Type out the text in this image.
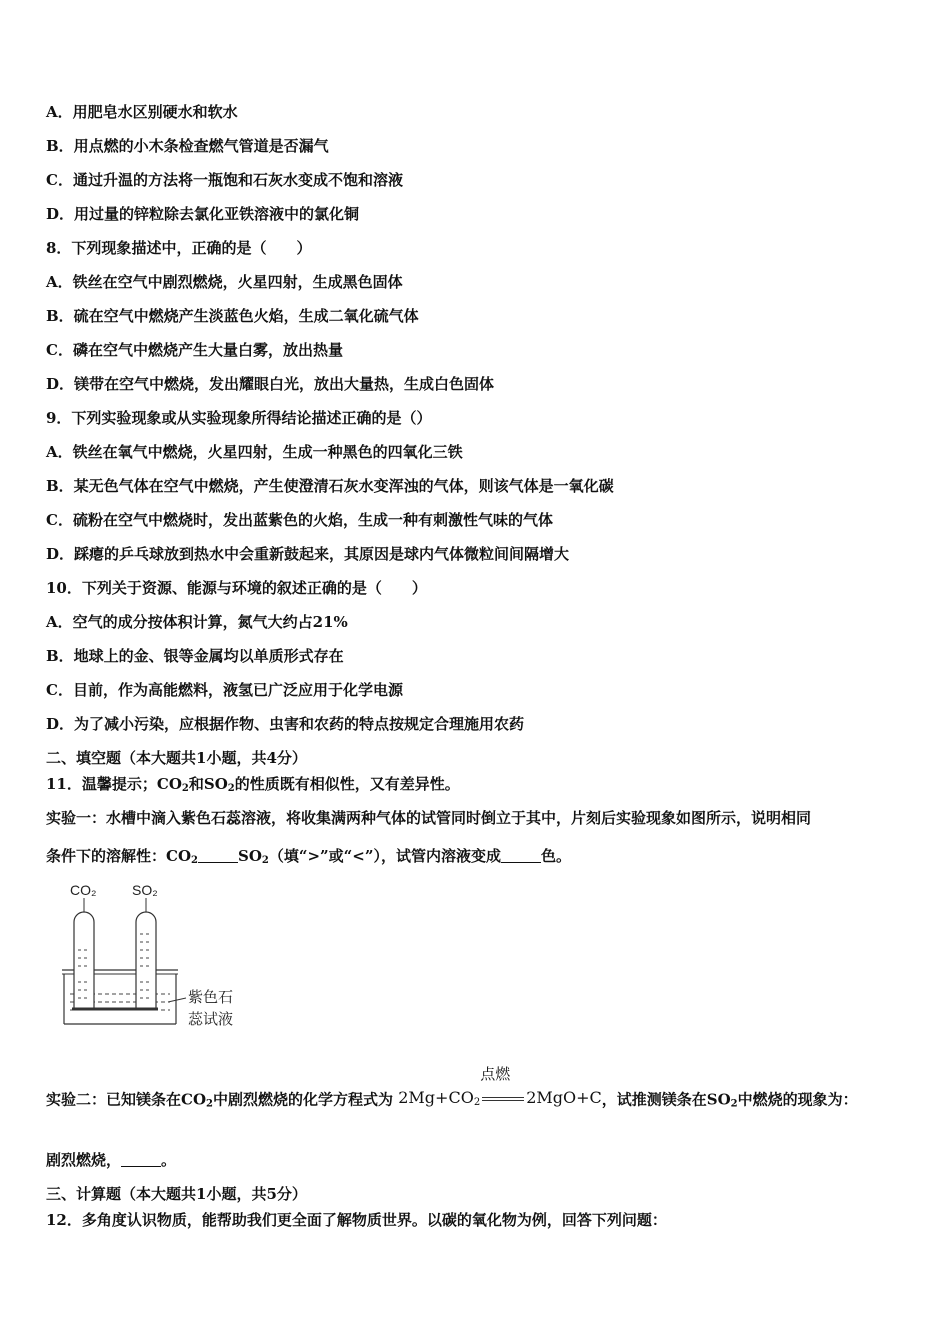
A．用肥皂水区别硬水和软水
B．用点燃的小木条检查燃气管道是否漏气
C．通过升温的方法将一瓶饱和石灰水变成不饱和溶液
D．用过量的锌粒除去氯化亚铁溶液中的氯化铜
8．下列现象描述中，正确的是（　　）
A．铁丝在空气中剧烈燃烧，火星四射，生成黑色固体
B．硫在空气中燃烧产生淡蓝色火焰，生成二氧化硫气体
C．磷在空气中燃烧产生大量白雾，放出热量
D．镁带在空气中燃烧，发出耀眼白光，放出大量热，生成白色固体
9．下列实验现象或从实验现象所得结论描述正确的是（）
A．铁丝在氧气中燃烧，火星四射，生成一种黑色的四氧化三铁
B．某无色气体在空气中燃烧，产生使澄清石灰水变浑浊的气体，则该气体是一氧化碳
C．硫粉在空气中燃烧时，发出蓝紫色的火焰，生成一种有刺激性气味的气体
D．踩瘪的乒乓球放到热水中会重新鼓起来，其原因是球内气体微粒间间隔增大
10．下列关于资源、能源与环境的叙述正确的是（　　）
A．空气的成分按体积计算，氮气大约占21%
B．地球上的金、银等金属均以单质形式存在
C．目前，作为高能燃料，液氢已广泛应用于化学电源
D．为了减小污染，应根据作物、虫害和农药的特点按规定合理施用农药
二、填空题（本大题共1小题，共4分）
11．温馨提示；$CO_2$和$SO_2$的性质既有相似性，又有差异性。
实验一：水槽中滴入紫色石蕊溶液，将收集满两种气体的试管同时倒立于其中，片刻后实验现象如图所示，说明相同
条件下的溶解性：$CO_2$	$SO_2$（填“>”或“<”），试管内溶液变成	色。
CO₂	SO₂
紫色石
蕊试液
实验二：已知镁条在$CO_2$中剧烈燃烧的化学方程式为
点燃
$2Mg+CO_2$	2MgO+C，试推测镁条在$SO_2$中燃烧的现象为：
剧烈燃烧，	。
三、计算题（本大题共1小题，共5分）
12．多角度认识物质，能帮助我们更全面了解物质世界。以碳的氧化物为例，回答下列问题：
